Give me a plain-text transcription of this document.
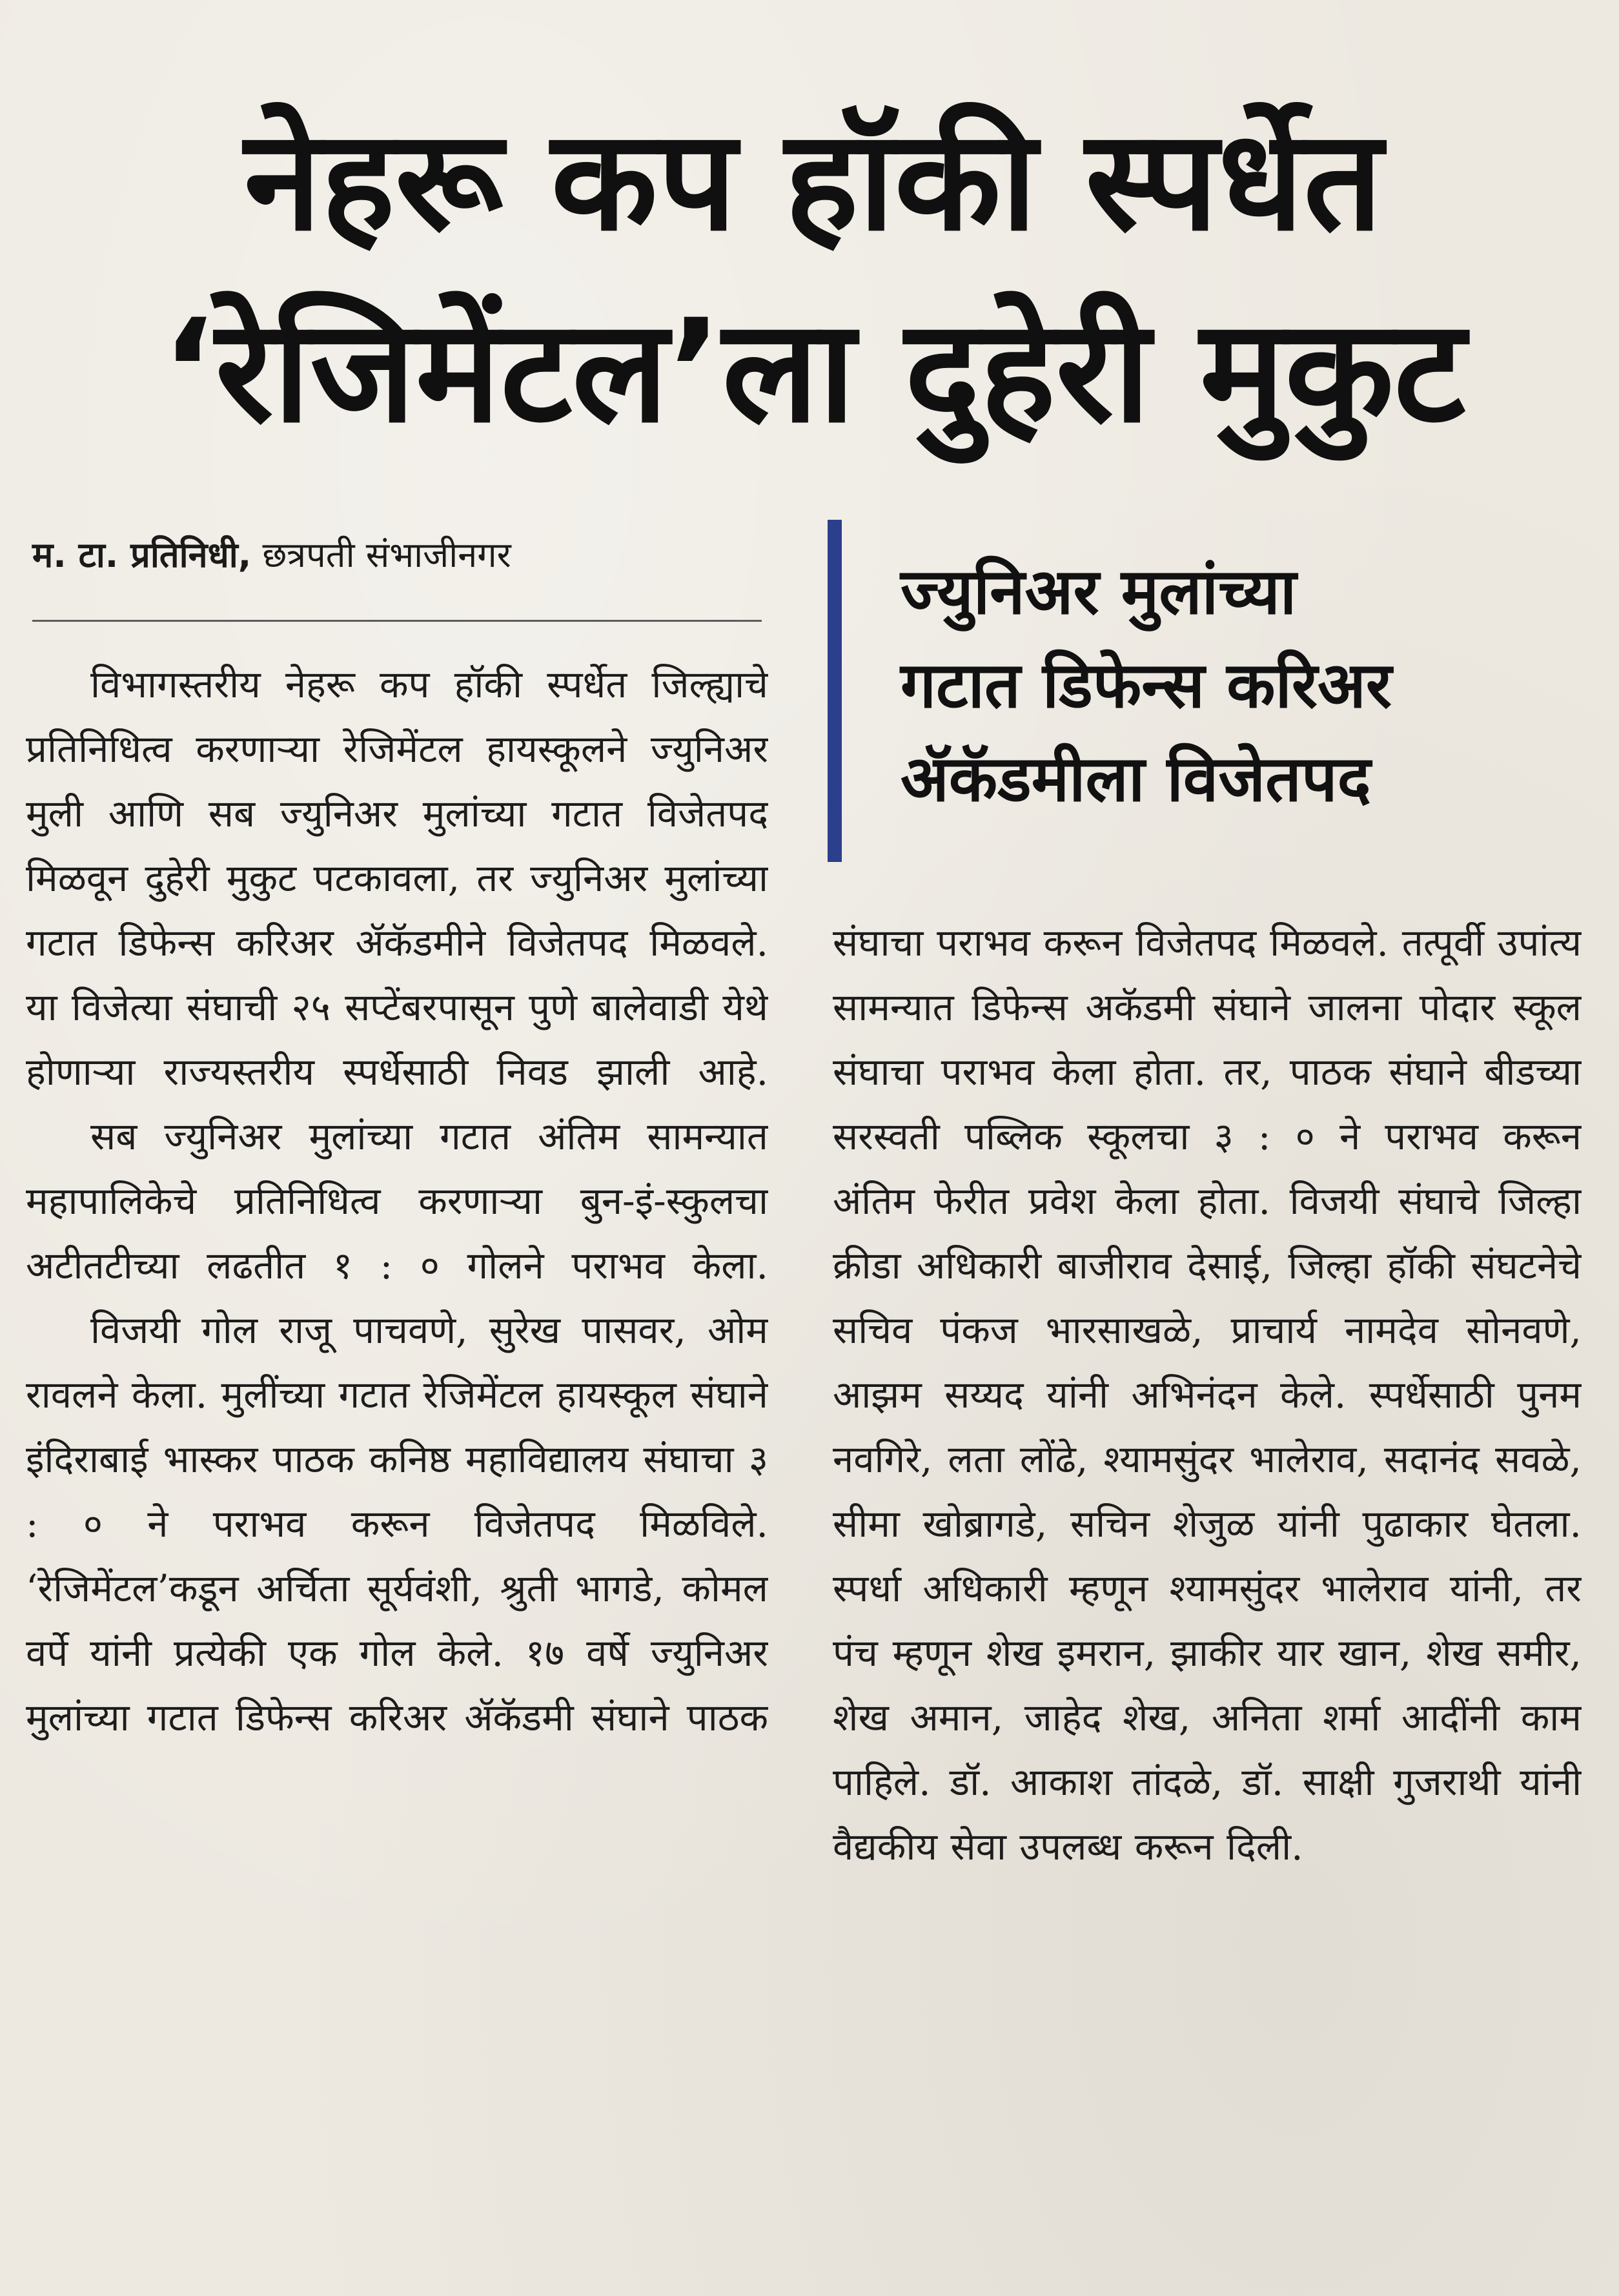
नेहरू कप हॉकी स्पर्धेत
‘रेजिमेंटल’ला दुहेरी मुकुट
म. टा. प्रतिनिधी, छत्रपती संभाजीनगर
ज्युनिअर मुलांच्या
गटात डिफेन्स करिअर
ॲकॅडमीला विजेतपद

विभागस्तरीय नेहरू कप हॉकी स्पर्धेत जिल्ह्याचे प्रतिनिधित्व करणाऱ्या रेजिमेंटल हायस्कूलने ज्युनिअर मुली आणि सब ज्युनिअर मुलांच्या गटात विजेतपद मिळवून दुहेरी मुकुट पटकावला, तर ज्युनिअर मुलांच्या गटात डिफेन्स करिअर ॲकॅडमीने विजेतपद मिळवले. या विजेत्या संघाची २५ सप्टेंबरपासून पुणे बालेवाडी येथे होणाऱ्या राज्यस्तरीय स्पर्धेसाठी निवड झाली आहे.

सब ज्युनिअर मुलांच्या गटात अंतिम सामन्यात महापालिकेचे प्रतिनिधित्व करणाऱ्या बुन-इं-स्कुलचा अटीतटीच्या लढतीत १ : ० गोलने पराभव केला.

विजयी गोल राजू पाचवणे, सुरेख पासवर, ओम रावलने केला. मुलींच्या गटात रेजिमेंटल हायस्कूल संघाने इंदिराबाई भास्कर पाठक कनिष्ठ महाविद्यालय संघाचा ३ : ० ने पराभव करून विजेतपद मिळविले. ‘रेजिमेंटल’कडून अर्चिता सूर्यवंशी, श्रुती भागडे, कोमल वर्पे यांनी प्रत्येकी एक गोल केले. १७ वर्षे ज्युनिअर मुलांच्या गटात डिफेन्स करिअर ॲकॅडमी संघाने पाठक

संघाचा पराभव करून विजेतपद मिळवले. तत्पूर्वी उपांत्य सामन्यात डिफेन्स अकॅडमी संघाने जालना पोदार स्कूल संघाचा पराभव केला होता. तर, पाठक संघाने बीडच्या सरस्वती पब्लिक स्कूलचा ३ : ० ने पराभव करून अंतिम फेरीत प्रवेश केला होता. विजयी संघाचे जिल्हा क्रीडा अधिकारी बाजीराव देसाई, जिल्हा हॉकी संघटनेचे सचिव पंकज भारसाखळे, प्राचार्य नामदेव सोनवणे, आझम सय्यद यांनी अभिनंदन केले. स्पर्धेसाठी पुनम नवगिरे, लता लोंढे, श्यामसुंदर भालेराव, सदानंद सवळे, सीमा खोब्रागडे, सचिन शेजुळ यांनी पुढाकार घेतला. स्पर्धा अधिकारी म्हणून श्यामसुंदर भालेराव यांनी, तर पंच म्हणून शेख इमरान, झाकीर यार खान, शेख समीर, शेख अमान, जाहेद शेख, अनिता शर्मा आदींनी काम पाहिले. डॉ. आकाश तांदळे, डॉ. साक्षी गुजराथी यांनी वैद्यकीय सेवा उपलब्ध करून दिली.
